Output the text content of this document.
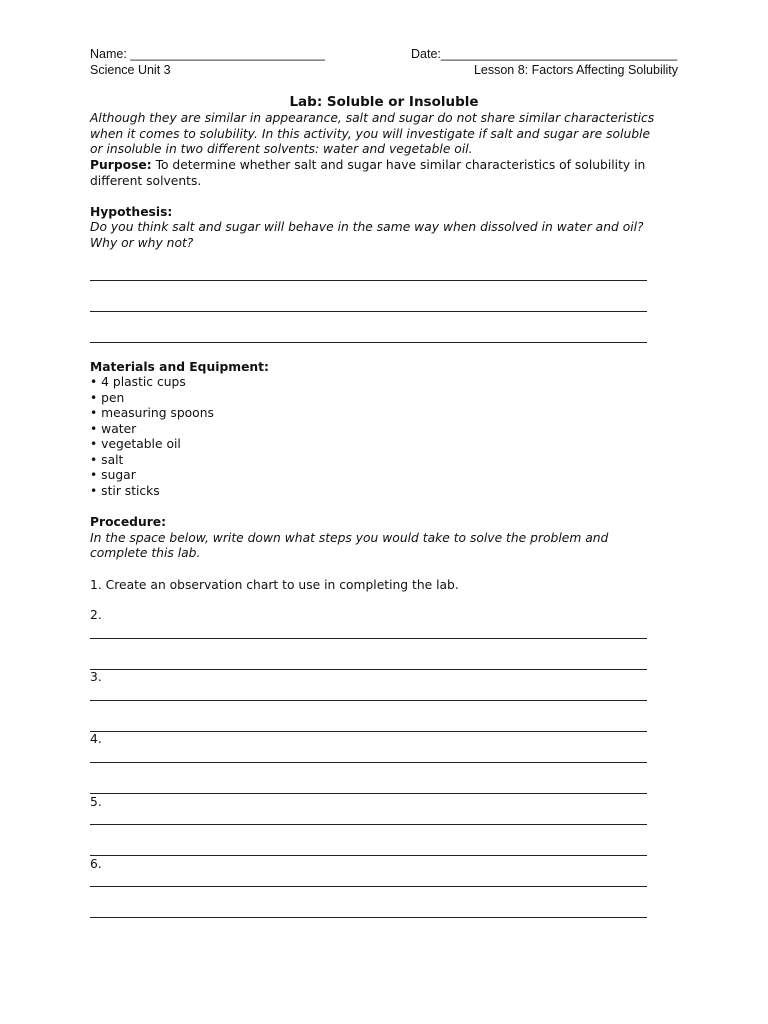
Name: ____________________________	Date:__________________________________
Science Unit 3	Lesson 8: Factors Affecting Solubility
Lab: Soluble or Insoluble
Although they are similar in appearance, salt and sugar do not share similar characteristics
when it comes to solubility. In this activity, you will investigate if salt and sugar are soluble
or insoluble in two different solvents: water and vegetable oil.
Purpose: To determine whether salt and sugar have similar characteristics of solubility in
different solvents.
Hypothesis:
Do you think salt and sugar will behave in the same way when dissolved in water and oil?
Why or why not?
Materials and Equipment:
• 4 plastic cups
• pen
• measuring spoons
• water
• vegetable oil
• salt
• sugar
• stir sticks
Procedure:
In the space below, write down what steps you would take to solve the problem and
complete this lab.
1. Create an observation chart to use in completing the lab.
2.
3.
4.
5.
6.
